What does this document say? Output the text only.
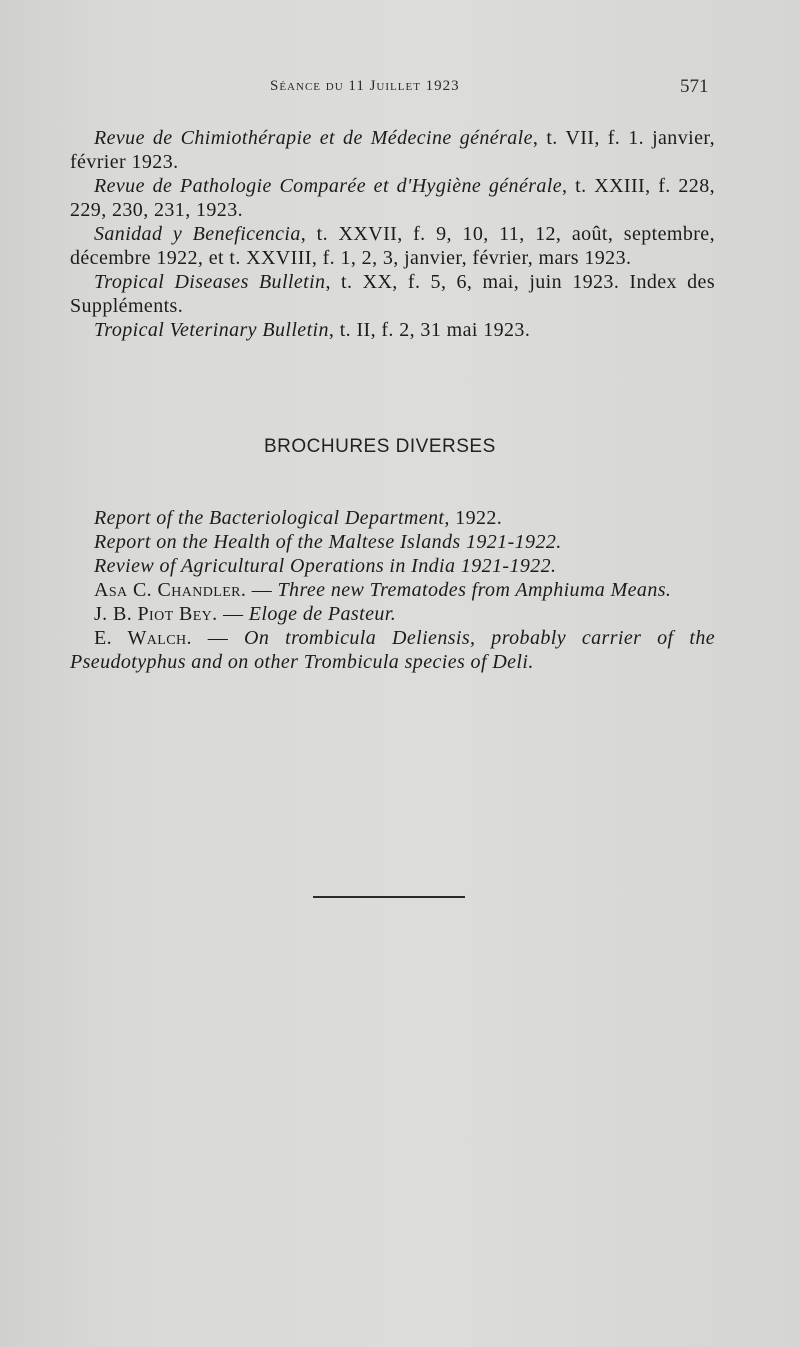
Séance du 11 Juillet 1923	571

Revue de Chimiothérapie et de Médecine générale, t. VII, f. 1. janvier, février 1923.

Revue de Pathologie Comparée et d'Hygiène générale, t. XXIII, f. 228, 229, 230, 231, 1923.

Sanidad y Beneficencia, t. XXVII, f. 9, 10, 11, 12, août, septembre, décembre 1922, et t. XXVIII, f. 1, 2, 3, janvier, février, mars 1923.

Tropical Diseases Bulletin, t. XX, f. 5, 6, mai, juin 1923. Index des Suppléments.

Tropical Veterinary Bulletin, t. II, f. 2, 31 mai 1923.

BROCHURES DIVERSES

Report of the Bacteriological Department, 1922.

Report on the Health of the Maltese Islands 1921-1922.

Review of Agricultural Operations in India 1921-1922.

Asa C. Chandler. — Three new Trematodes from Amphiuma Means.

J. B. Piot Bey. — Eloge de Pasteur.

E. Walch. — On trombicula Deliensis, probably carrier of the Pseudotyphus and on other Trombicula species of Deli.
